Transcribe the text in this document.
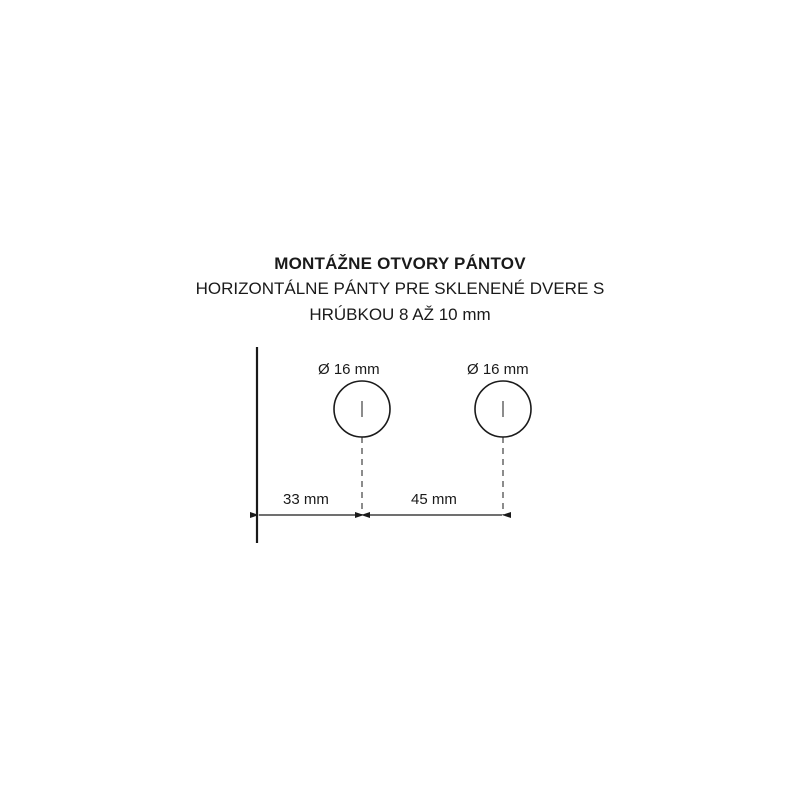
MONTÁŽNE OTVORY PÁNTOV
HORIZONTÁLNE PÁNTY PRE SKLENENÉ DVERE S
HRÚBKOU 8 AŽ 10 mm
Ø 16 mm	Ø 16 mm
33 mm	45 mm
